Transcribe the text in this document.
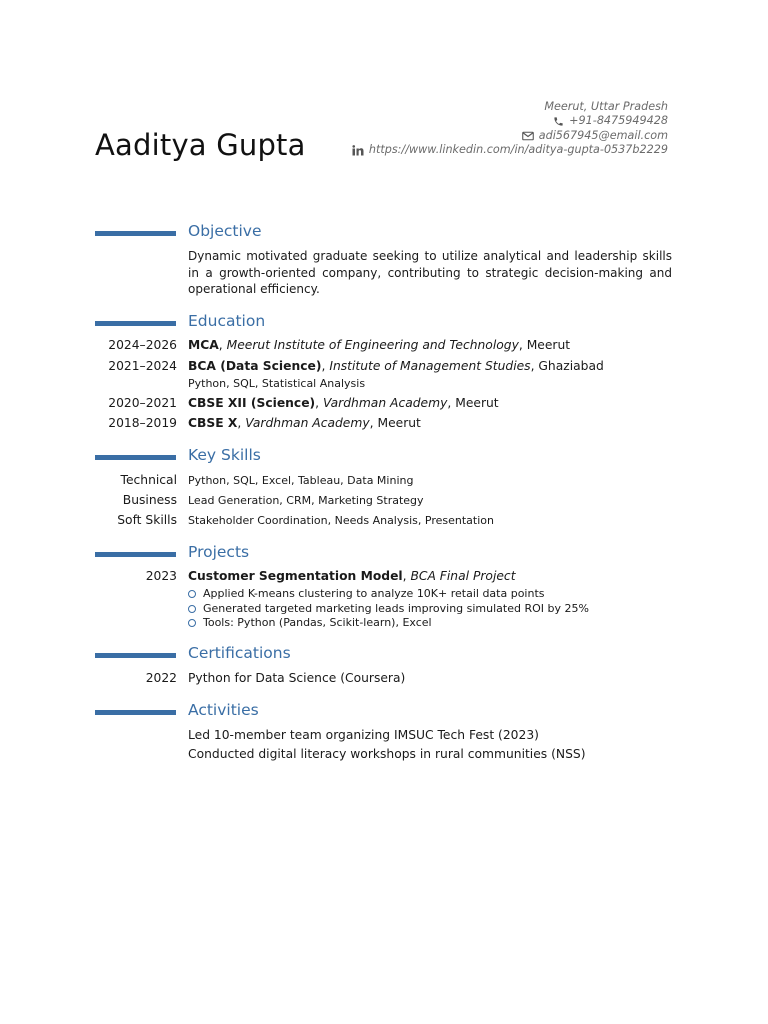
Aaditya Gupta
Meerut, Uttar Pradesh
+91-8475949428
adi567945@email.com
https://www.linkedin.com/in/aditya-gupta-0537b2229
Objective
Dynamic motivated graduate seeking to utilize analytical and leadership skills in a growth-oriented company, contributing to strategic decision-making and operational efficiency.
Education
2024–2026 MCA, Meerut Institute of Engineering and Technology, Meerut
2021–2024 BCA (Data Science), Institute of Management Studies, Ghaziabad
Python, SQL, Statistical Analysis
2020–2021 CBSE XII (Science), Vardhman Academy, Meerut
2018–2019 CBSE X, Vardhman Academy, Meerut
Key Skills
Technical Python, SQL, Excel, Tableau, Data Mining
Business Lead Generation, CRM, Marketing Strategy
Soft Skills Stakeholder Coordination, Needs Analysis, Presentation
Projects
2023 Customer Segmentation Model, BCA Final Project
Applied K-means clustering to analyze 10K+ retail data points
Generated targeted marketing leads improving simulated ROI by 25%
Tools: Python (Pandas, Scikit-learn), Excel
Certifications
2022 Python for Data Science (Coursera)
Activities
Led 10-member team organizing IMSUC Tech Fest (2023)
Conducted digital literacy workshops in rural communities (NSS)
